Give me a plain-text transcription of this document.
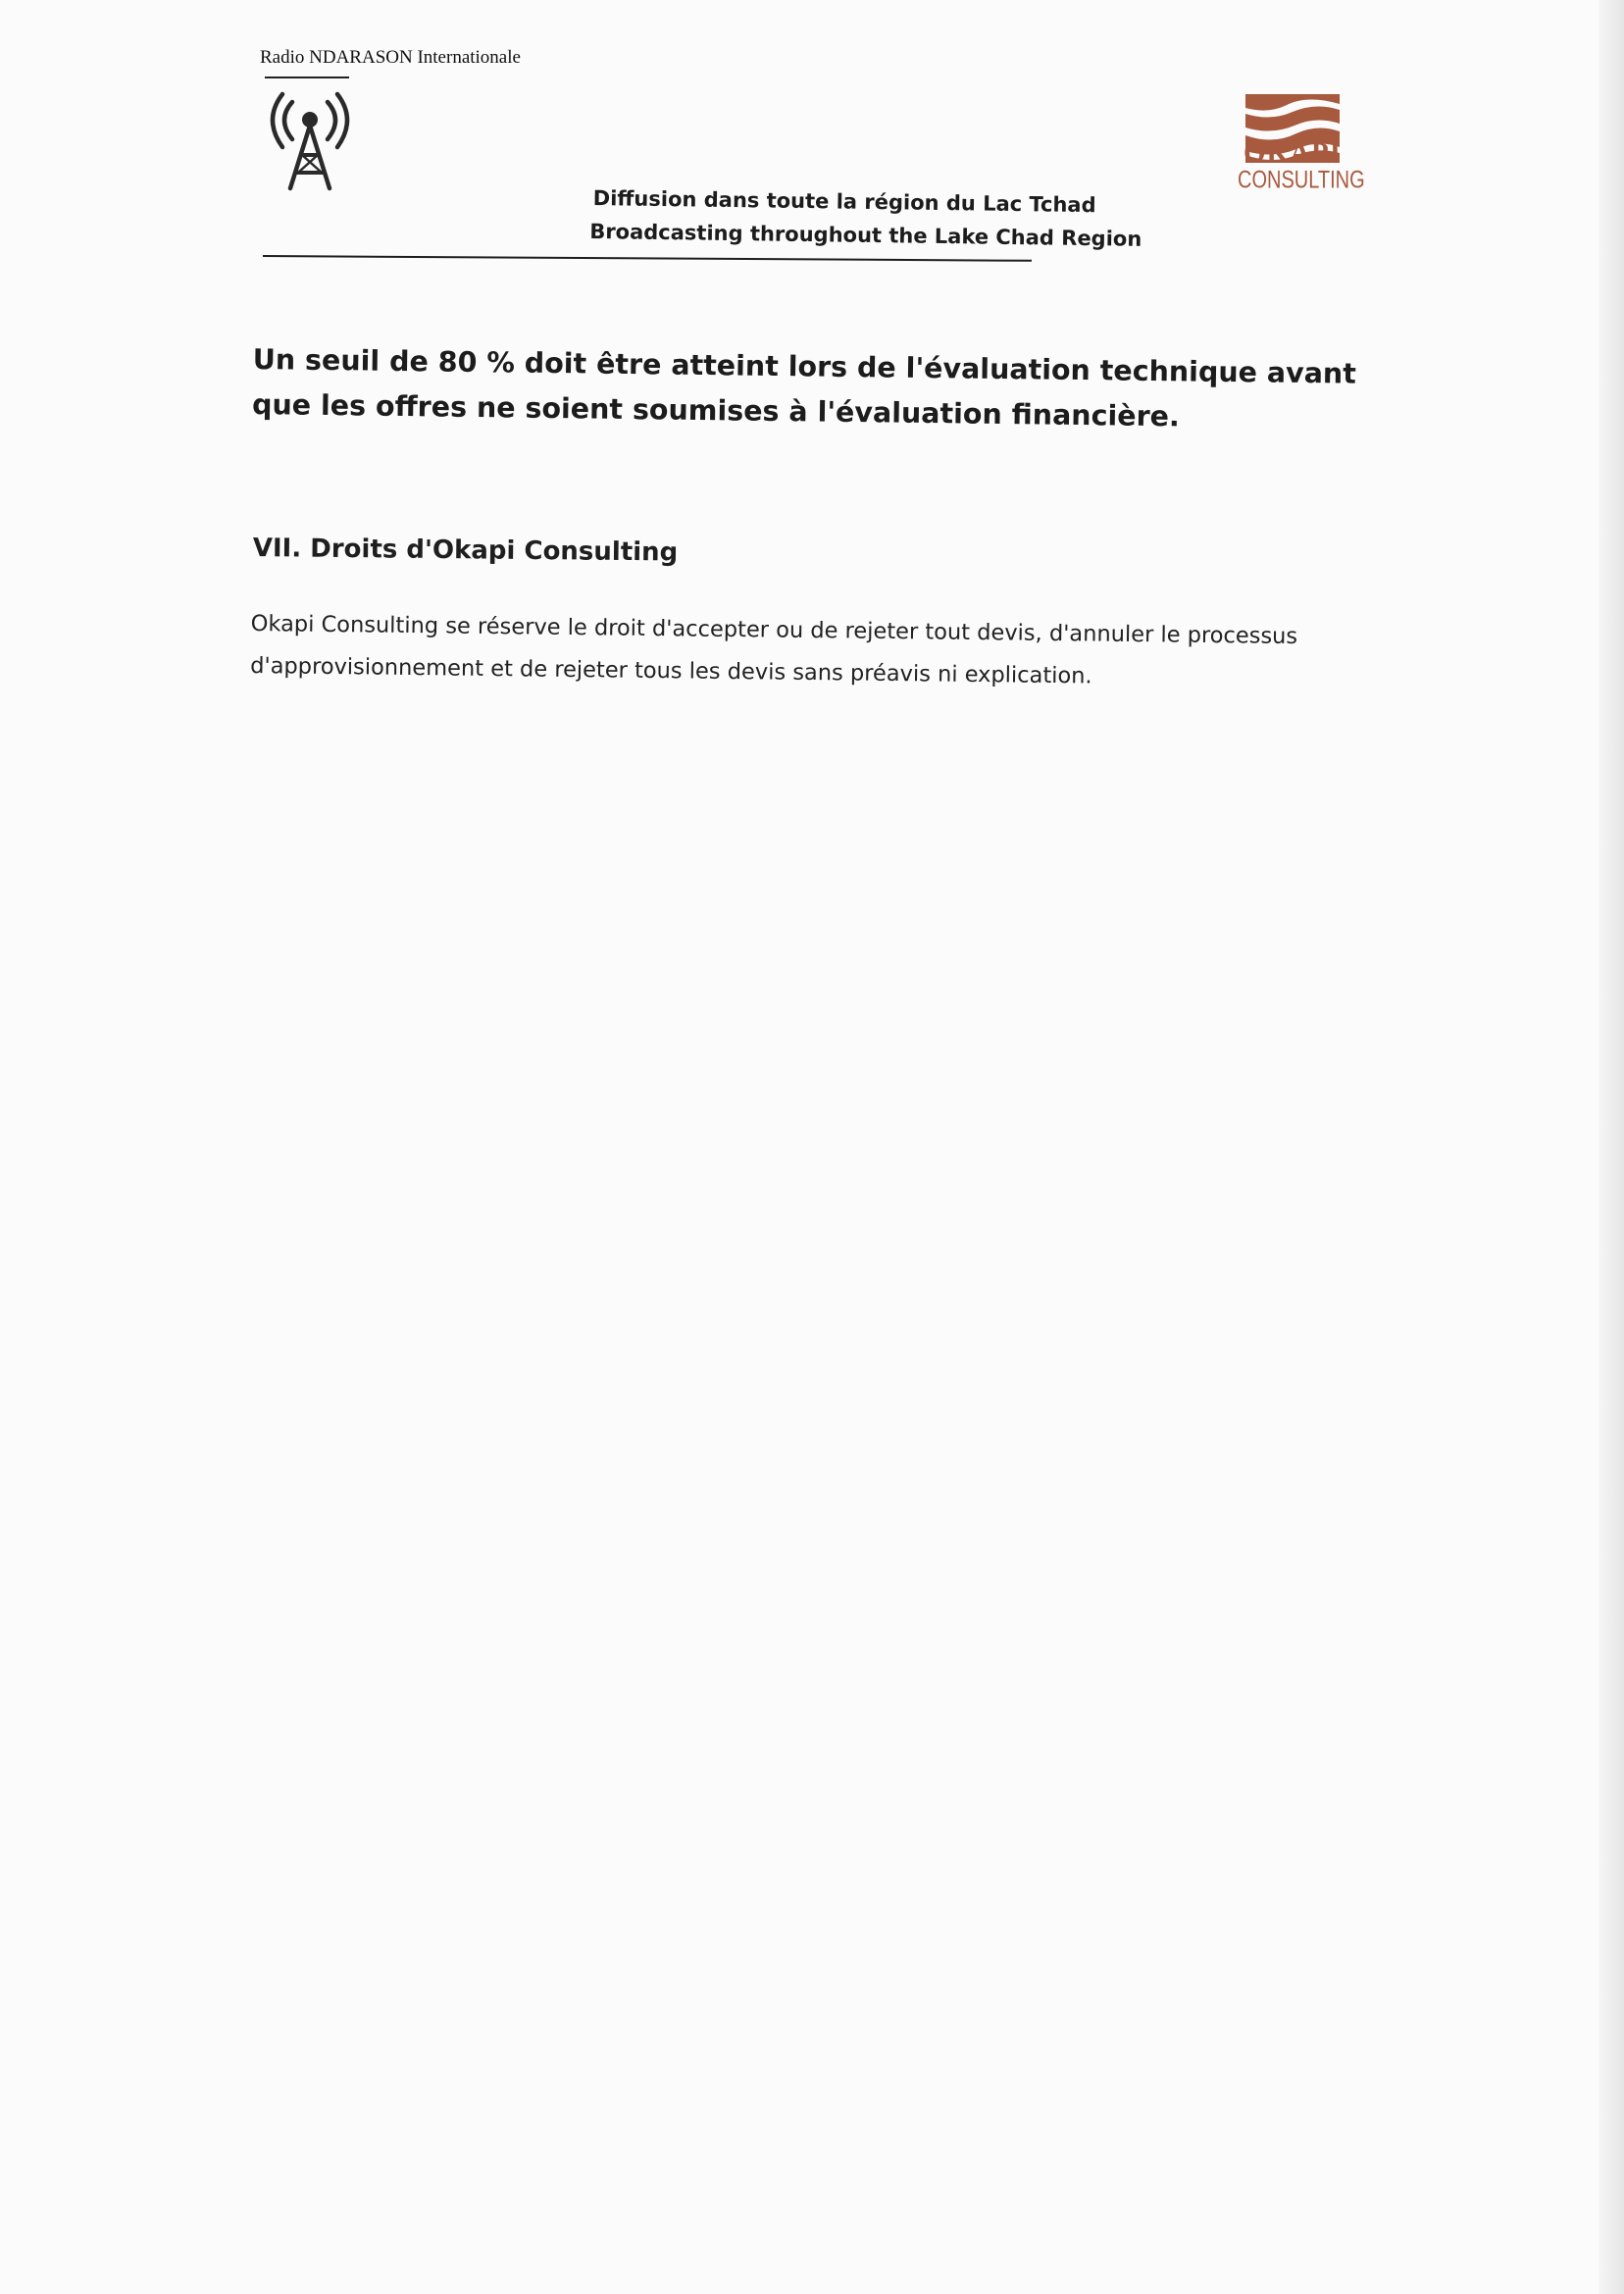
Radio NDARASON Internationale
Diffusion dans toute la région du Lac Tchad
Broadcasting throughout the Lake Chad Region
OKAPI
CONSULTING

Un seuil de 80 % doit être atteint lors de l'évaluation technique avant que les offres ne soient soumises à l'évaluation financière.

VII. Droits d'Okapi Consulting

Okapi Consulting se réserve le droit d'accepter ou de rejeter tout devis, d'annuler le processus d'approvisionnement et de rejeter tous les devis sans préavis ni explication.
